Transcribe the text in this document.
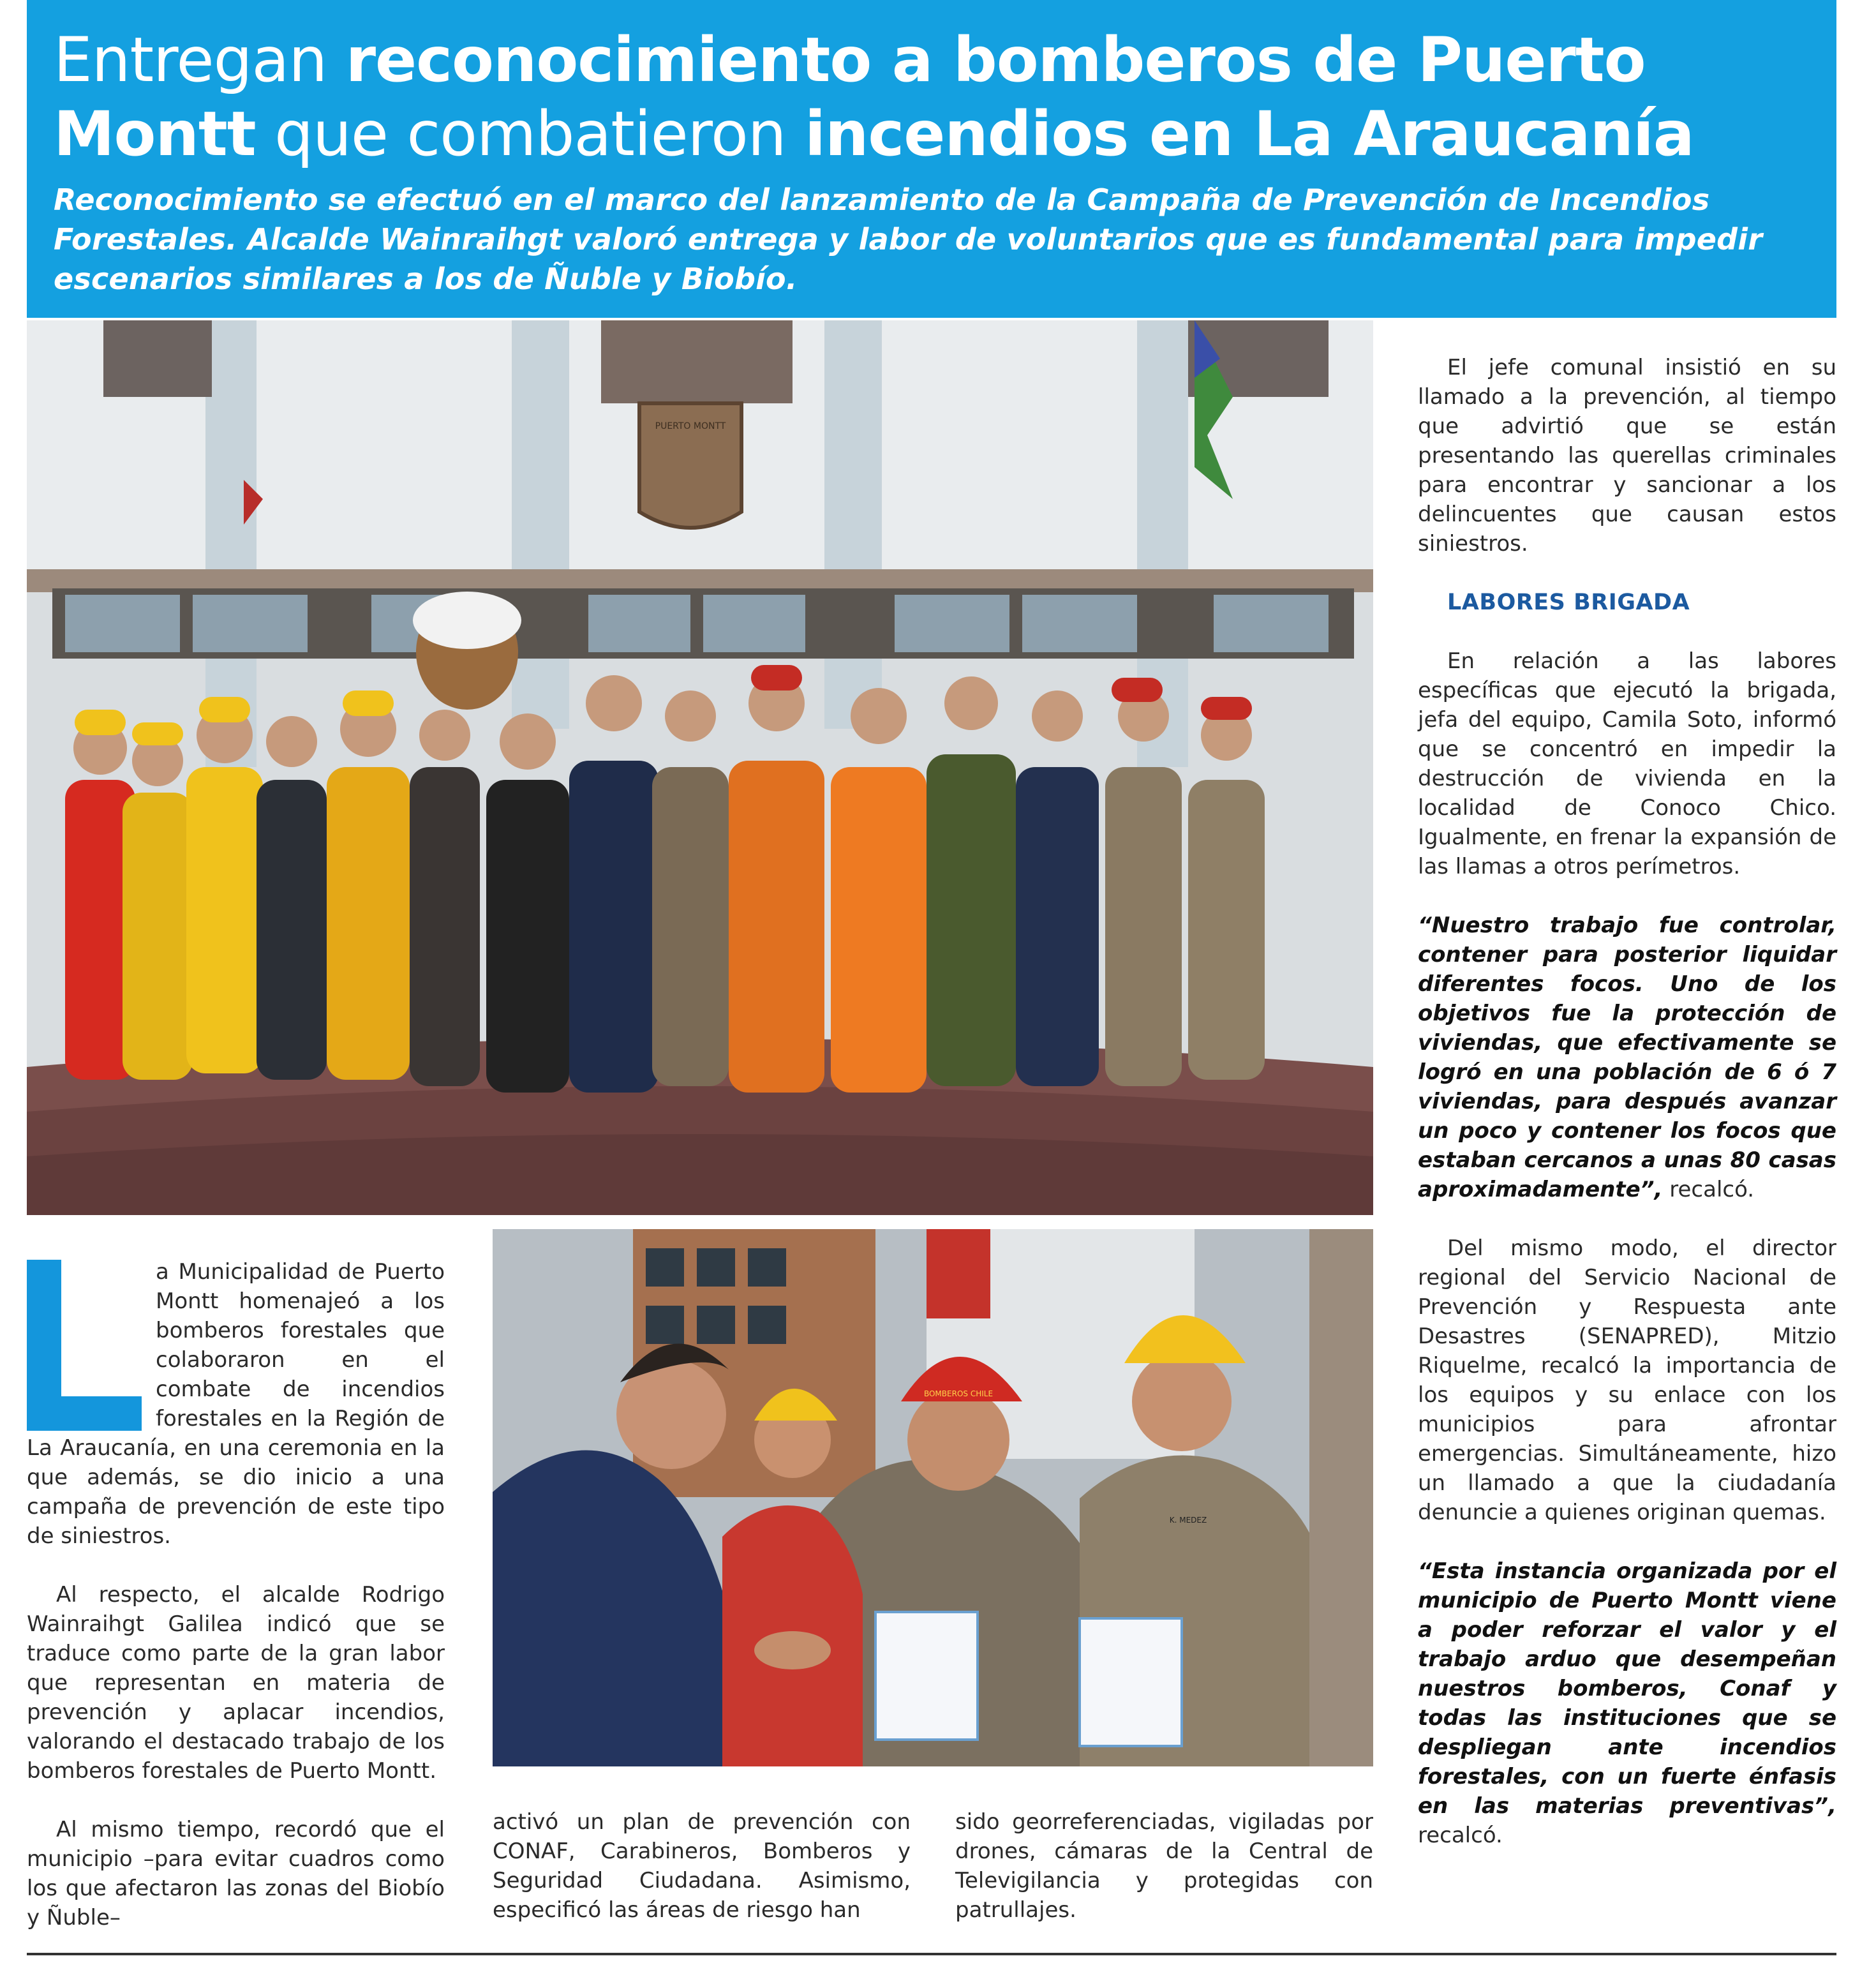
Entregan reconocimiento a bomberos de Puerto Montt que combatieron incendios en La Araucanía

Reconocimiento se efectuó en el marco del lanzamiento de la Campaña de Prevención de Incendios Forestales. Alcalde Wainraihgt valoró entrega y labor de voluntarios que es fundamental para impedir escenarios similares a los de Ñuble y Biobío.

PUERTO MONTT
BOMBEROS CHILE
K. MEDEZ

a Municipalidad de Puerto Montt homenajeó a los bomberos forestales que colaboraron en el combate de incendios forestales en la Región de La Araucanía, en una ceremonia en la que además, se dio inicio a una campaña de prevención de este tipo de siniestros.

Al respecto, el alcalde Rodrigo Wainraihgt Galilea indicó que se traduce como parte de la gran labor que representan en materia de prevención y aplacar incendios, valorando el destacado trabajo de los bomberos forestales de Puerto Montt.

Al mismo tiempo, recordó que el municipio –para evitar cuadros como los que afectaron las zonas del Biobío y Ñuble–

activó un plan de prevención con CONAF, Carabineros, Bomberos y Seguridad Ciudadana. Asimismo, especificó las áreas de riesgo han

sido georreferenciadas, vigiladas por drones, cámaras de la Central de Televigilancia y protegidas con patrullajes.

El jefe comunal insistió en su llamado a la prevención, al tiempo que advirtió que se están presentando las querellas criminales para encontrar y sancionar a los delincuentes que causan estos siniestros.

LABORES BRIGADA

En relación a las labores específicas que ejecutó la brigada, jefa del equipo, Camila Soto, informó que se concentró en impedir la destrucción de vivienda en la localidad de Conoco Chico. Igualmente, en frenar la expansión de las llamas a otros perímetros.

“Nuestro trabajo fue controlar, contener para posterior liquidar diferentes focos. Uno de los objetivos fue la protección de viviendas, que efectivamente se logró en una población de 6 ó 7 viviendas, para después avanzar un poco y contener los focos que estaban cercanos a unas 80 casas aproximadamente”, recalcó.

Del mismo modo, el director regional del Servicio Nacional de Prevención y Respuesta ante Desastres (SENAPRED), Mitzio Riquelme, recalcó la importancia de los equipos y su enlace con los municipios para afrontar emergencias. Simultáneamente, hizo un llamado a que la ciudadanía denuncie a quienes originan quemas.

“Esta instancia organizada por el municipio de Puerto Montt viene a poder reforzar el valor y el trabajo arduo que desempeñan nuestros bomberos, Conaf y todas las instituciones que se despliegan ante incendios forestales, con un fuerte énfasis en las materias preventivas”, recalcó.
